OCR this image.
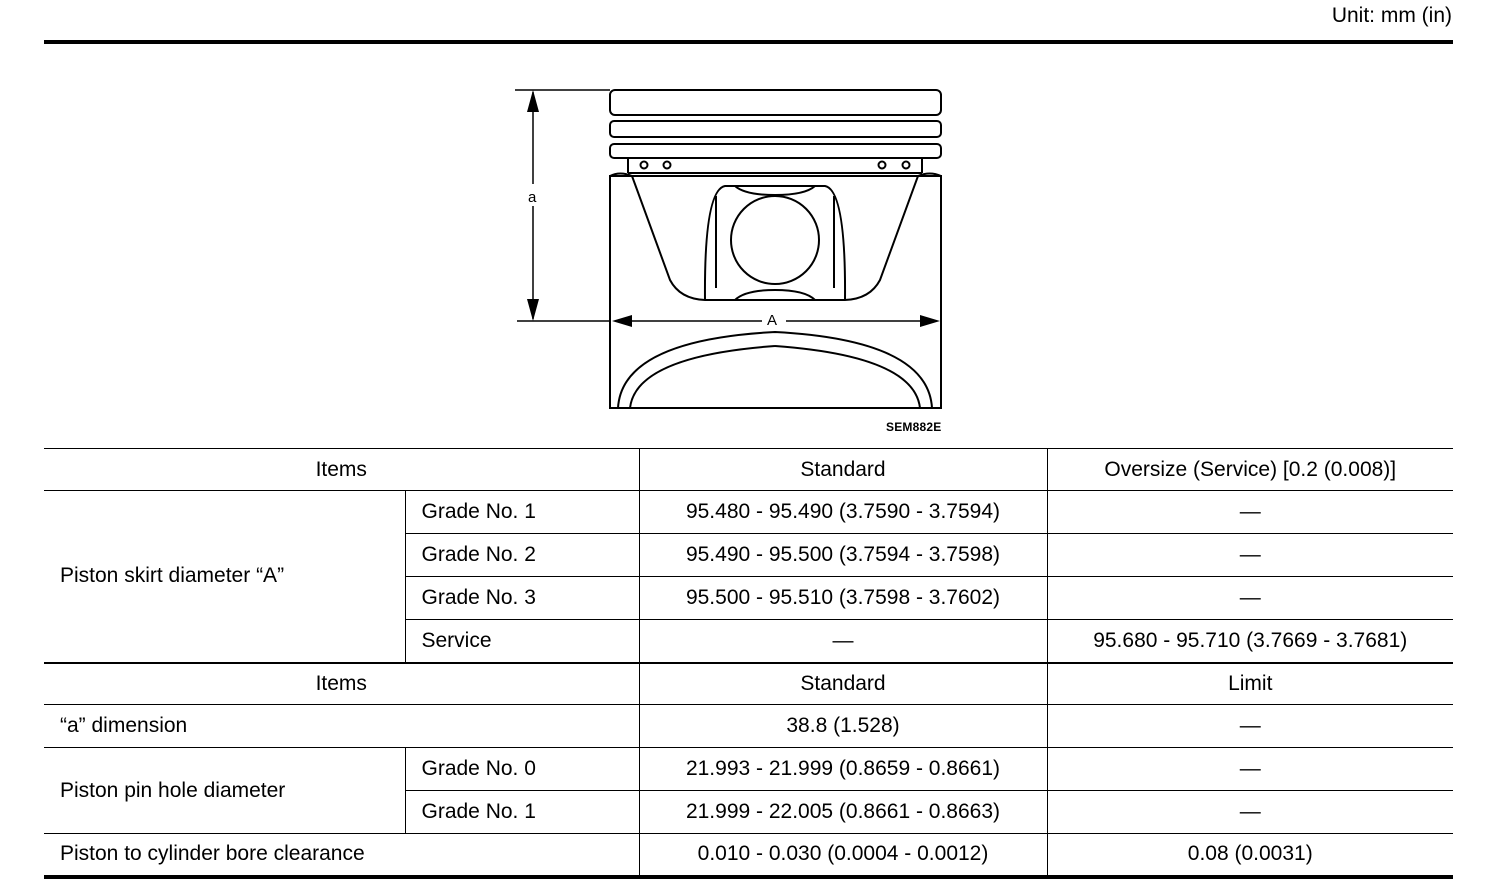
Unit: mm (in)
a
A
SEM882E
Items		Standard	Oversize (Service) [0.2 (0.008)]
Piston skirt diameter “A”	Grade No. 1	95.480 - 95.490 (3.7590 - 3.7594)	—
	Grade No. 2	95.490 - 95.500 (3.7594 - 3.7598)	—
	Grade No. 3	95.500 - 95.510 (3.7598 - 3.7602)	—
	Service	—	95.680 - 95.710 (3.7669 - 3.7681)
Items		Standard	Limit
“a” dimension		38.8 (1.528)	—
Piston pin hole diameter	Grade No. 0	21.993 - 21.999 (0.8659 - 0.8661)	—
	Grade No. 1	21.999 - 22.005 (0.8661 - 0.8663)	—
Piston to cylinder bore clearance		0.010 - 0.030 (0.0004 - 0.0012)	0.08 (0.0031)
